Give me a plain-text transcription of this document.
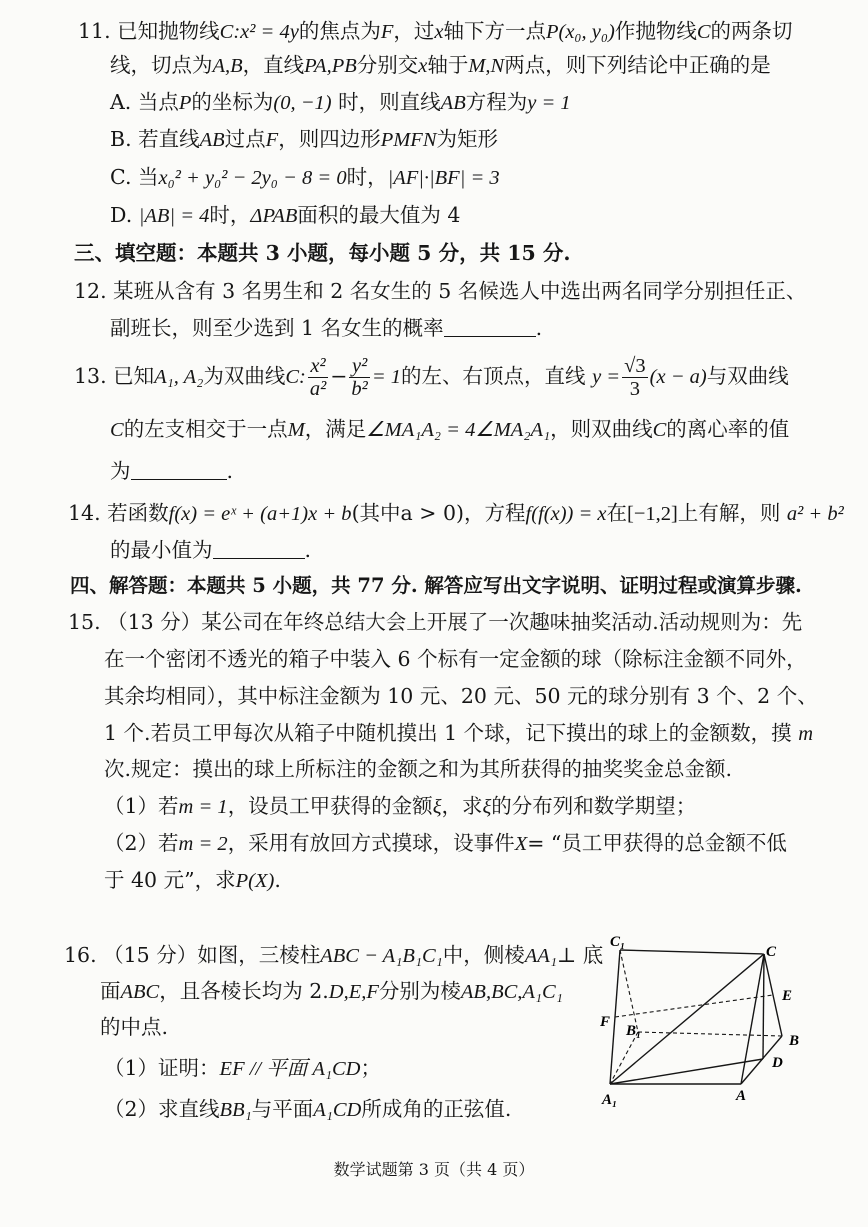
11. 已知抛物线C:x² = 4y的焦点为F，过x轴下方一点P(x₀, y₀)作抛物线C的两条切
线，切点为A,B，直线PA,PB分别交x轴于M,N两点，则下列结论中正确的是
A. 当点P的坐标为(0, −1) 时，则直线AB方程为y = 1
B. 若直线AB过点F，则四边形PMFN为矩形
C. 当x₀² + y₀² − 2y₀ − 8 = 0时，|AF|·|BF| = 3
D. |AB| = 4时，ΔPAB面积的最大值为 4
三、填空题：本题共 3 小题，每小题 5 分，共 15 分.
12. 某班从含有 3 名男生和 2 名女生的 5 名候选人中选出两名同学分别担任正、
副班长，则至少选到 1 名女生的概率	.
13. 已知A₁, A₂为双曲线C: $\frac{\text{x²}}{\text{a²}} - \frac{\text{y²}}{\text{b²}} = 1$的左、右顶点，直线 $y = \frac{√3}{3} (x - a)$与双曲线
C的左支相交于一点M，满足∠MA₁A₂ = 4∠MA₂A₁，则双曲线C的离心率的值
为	.
14. 若函数f(x) = eˣ + (a+1)x + b(其中a > 0)，方程f(f(x)) = x在[−1,2]上有解，则 a² + b²
的最小值为	.
四、解答题：本题共 5 小题，共 77 分. 解答应写出文字说明、证明过程或演算步骤.
15. （13 分）某公司在年终总结大会上开展了一次趣味抽奖活动.活动规则为：先
在一个密闭不透光的箱子中装入 6 个标有一定金额的球（除标注金额不同外，
其余均相同），其中标注金额为 10 元、20 元、50 元的球分别有 3 个、2 个、
1 个.若员工甲每次从箱子中随机摸出 1 个球，记下摸出的球上的金额数，摸 m
次.规定：摸出的球上所标注的金额之和为其所获得的抽奖奖金总金额.
（1）若m = 1，设员工甲获得的金额ξ，求ξ的分布列和数学期望；
（2）若m = 2，采用有放回方式摸球，设事件X= “员工甲获得的总金额不低
于 40 元”，求P(X).
16. （15 分）如图，三棱柱ABC − A₁B₁C₁中，侧棱AA₁⊥ 底
面ABC，且各棱长均为 2.D,E,F分别为棱AB,BC,A₁C₁
的中点.
（1）证明：EF // 平面 A₁CD；
（2）求直线BB₁与平面A₁CD所成角的正弦值.
C₁
C
E
F
B₁
B
D
A₁	A
数学试题第 3 页（共 4 页）
